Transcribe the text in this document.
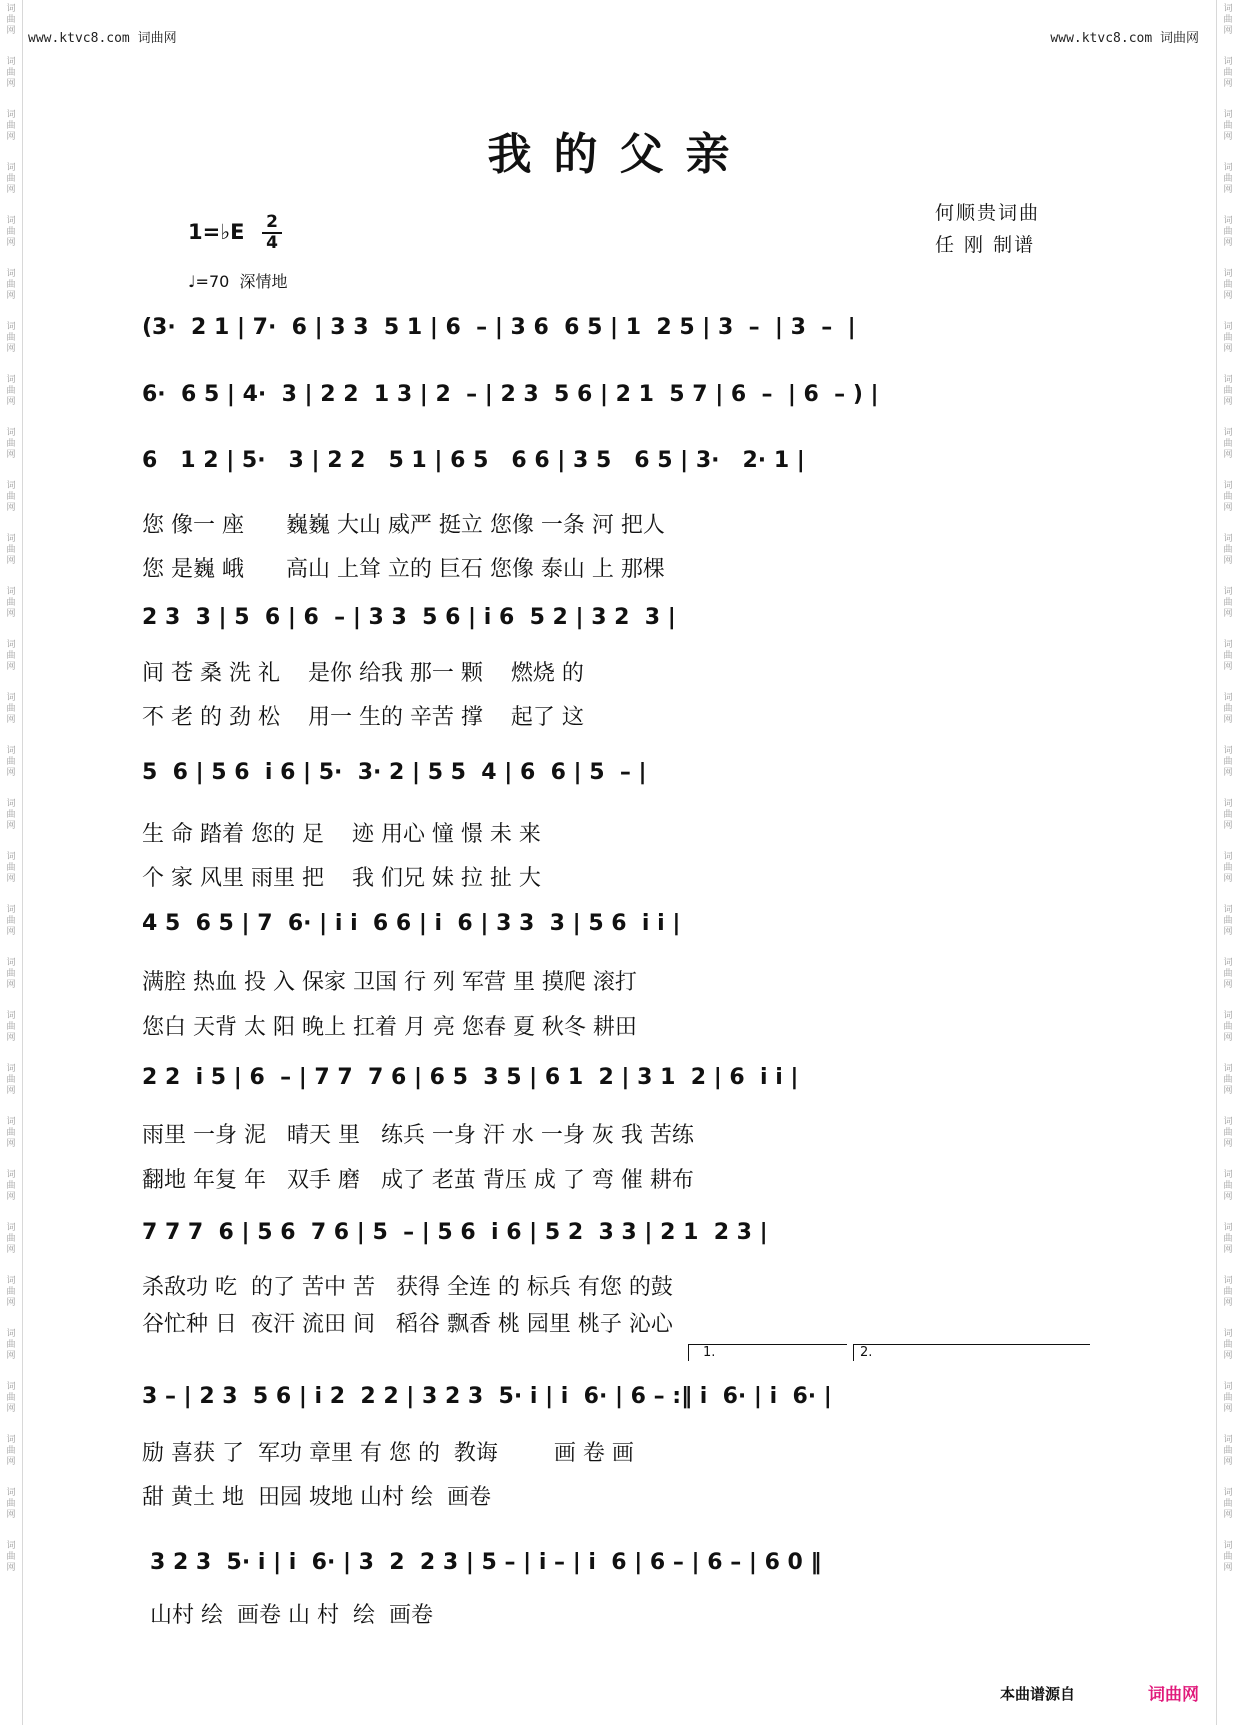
词
曲
网
词
曲
网
词
曲
网
词
曲
网
词
曲
网
词
曲
网
词
曲
网
词
曲
网
词
曲
网
词
曲
网
词
曲
网
词
曲
网
词
曲
网
词
曲
网
词
曲
网
词
曲
网
词
曲
网
词
曲
网
词
曲
网
词
曲
网
词
曲
网
词
曲
网
词
曲
网
词
曲
网
词
曲
网
词
曲
网
词
曲
网
词
曲
网
词
曲
网
词
曲
网
词
曲
网
词
曲
网
词
曲
网
词
曲
网
词
曲
网
词
曲
网
词
曲
网
词
曲
网
词
曲
网
词
曲
网
词
曲
网
词
曲
网
词
曲
网
词
曲
网
词
曲
网
词
曲
网
词
曲
网
词
曲
网
词
曲
网
词
曲
网
词
曲
网
词
曲
网
词
曲
网
词
曲
网
词
曲
网
词
曲
网
词
曲
网
词
曲
网
词
曲
网
词
曲
网
www.ktvc8.com 词曲网	www.ktvc8.com 词曲网
我的父亲
何顺贵词曲
任 刚 制谱
1=♭E 2
4
♩=70 深情地
(3·  2 1 | 7·  6 | 3 3  5 1 | 6  – | 3 6  6 5 | 1  2 5 | 3  –  | 3  –  |
6·  6 5 | 4·  3 | 2 2  1 3 | 2  – | 2 3  5 6 | 2 1  5 7 | 6  –  | 6  – ) |
6   1 2 | 5·   3 | 2 2   5 1 | 6 5   6 6 | 3 5   6 5 | 3·   2· 1 |
您 像一 座      巍巍 大山 威严 挺立 您像 一条 河 把人
您 是巍 峨      高山 上耸 立的 巨石 您像 泰山 上 那棵
2 3  3 | 5  6 | 6  – | 3 3  5 6 | i 6  5 2 | 3 2  3 |
间 苍 桑 洗 礼    是你 给我 那一 颗    燃烧 的
不 老 的 劲 松    用一 生的 辛苦 撑    起了 这
5  6 | 5 6  i 6 | 5·  3· 2 | 5 5  4 | 6  6 | 5  – |
生 命 踏着 您的 足    迹 用心 憧 憬 未 来
个 家 风里 雨里 把    我 们兄 妹 拉 扯 大
4 5  6 5 | 7  6· | i i  6 6 | i  6 | 3 3  3 | 5 6  i i |
满腔 热血 投 入 保家 卫国 行 列 军营 里 摸爬 滚打
您白 天背 太 阳 晚上 扛着 月 亮 您春 夏 秋冬 耕田
2 2  i 5 | 6  – | 7 7  7 6 | 6 5  3 5 | 6 1  2 | 3 1  2 | 6  i i |
雨里 一身 泥   晴天 里   练兵 一身 汗 水 一身 灰 我 苦练
翻地 年复 年   双手 磨   成了 老茧 背压 成 了 弯 催 耕布
7 7 7  6 | 5 6  7 6 | 5  – | 5 6  i 6 | 5 2  3 3 | 2 1  2 3 |
杀敌功 吃  的了 苦中 苦   获得 全连 的 标兵 有您 的鼓
谷忙种 日  夜汗 流田 间   稻谷 飘香 桃 园里 桃子 沁心
1.	2.
3 – | 2 3  5 6 | i 2  2 2 | 3 2 3  5· i | i  6· | 6 – :‖ i  6· | i  6· |
励 喜获 了  军功 章里 有 您 的  教诲        画 卷 画
甜 黄土 地  田园 坡地 山村 绘  画卷
3 2 3  5· i | i  6· | 3  2  2 3 | 5 – | i – | i  6 | 6 – | 6 – | 6 0 ‖
山村 绘  画卷 山 村  绘  画卷
本曲谱源自	词曲网
